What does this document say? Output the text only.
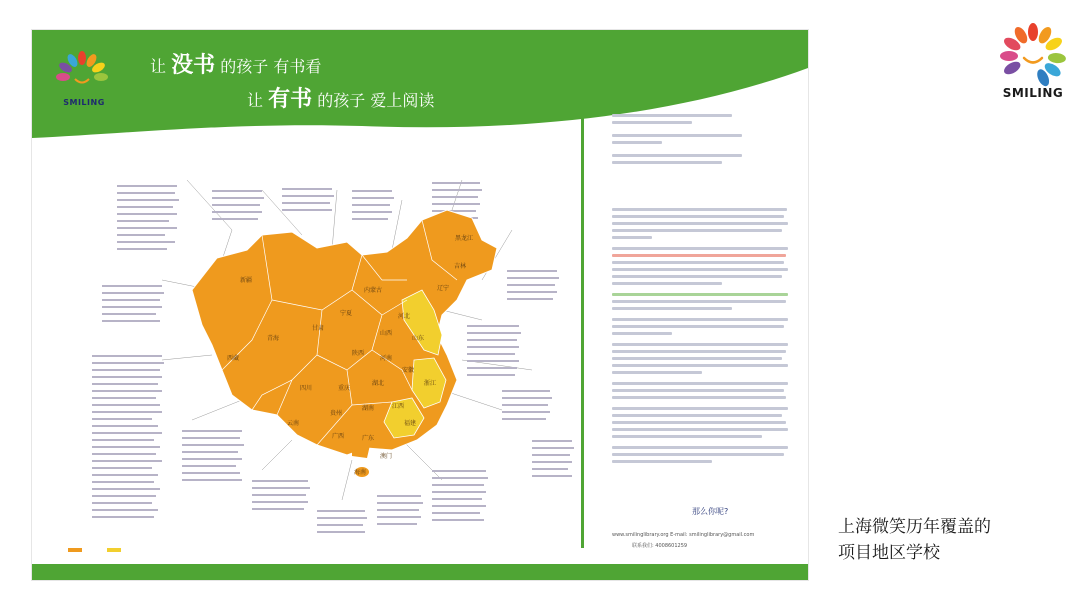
SMILING
让 没书 的孩子 有书看
让 有书 的孩子 爱上阅读
新疆
西藏
青海
四川
内蒙古
甘肃
云南
广西	广东
湖南	江西
福建
贵州
湖北
河南
山东
河北
山西
陕西
黑龙江
吉林
辽宁
宁夏
浙江
安徽
重庆
海南
澳门
那么你呢?
www.smilinglibrary.org E-mail: smilinglibrary@gmail.com
联系我们: 4008601259

SMILING
上海微笑历年覆盖的
项目地区学校
